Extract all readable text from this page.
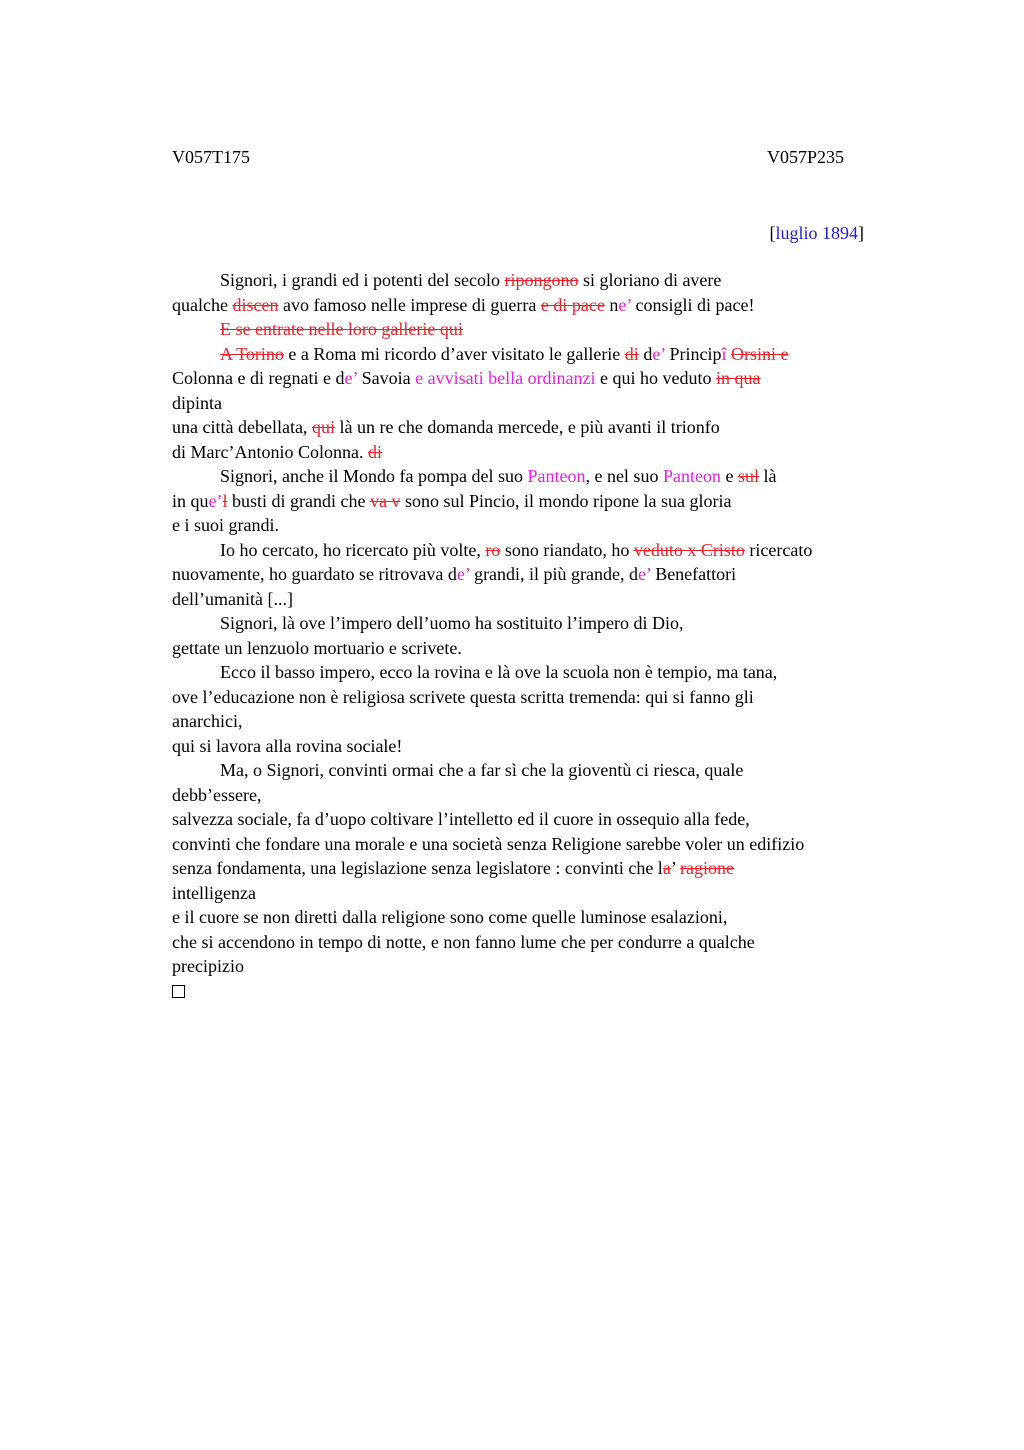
V057T175	V057P235
[luglio 1894]
Signori, i grandi ed i potenti del secolo ripongono si gloriano di avere
qualche discen avo famoso nelle imprese di guerra e di pace ne’ consigli di pace!
E se entrate nelle loro gallerie qui
A Torino e a Roma mi ricordo d’aver visitato le gallerie di de’ Principî Orsini e
Colonna e di regnati e de’ Savoia e avvisati bella ordinanzi e qui ho veduto in qua
dipinta
una città debellata, qui là un re che domanda mercede, e più avanti il trionfo
di Marc’Antonio Colonna. di
Signori, anche il Mondo fa pompa del suo Panteon, e nel suo Panteon e sul là
in que’l busti di grandi che va v sono sul Pincio, il mondo ripone la sua gloria
e i suoi grandi.
Io ho cercato, ho ricercato più volte, ro sono riandato, ho veduto x Cristo ricercato
nuovamente, ho guardato se ritrovava de’ grandi, il più grande, de’ Benefattori
dell’umanità [...]
Signori, là ove l’impero dell’uomo ha sostituito l’impero di Dio,
gettate un lenzuolo mortuario e scrivete.
Ecco il basso impero, ecco la rovina e là ove la scuola non è tempio, ma tana,
ove l’educazione non è religiosa scrivete questa scritta tremenda: qui si fanno gli
anarchici,
qui si lavora alla rovina sociale!
Ma, o Signori, convinti ormai che a far sì che la gioventù ci riesca, quale
debb’essere,
salvezza sociale, fa d’uopo coltivare l’intelletto ed il cuore in ossequio alla fede,
convinti che fondare una morale e una società senza Religione sarebbe voler un edifizio
senza fondamenta, una legislazione senza legislatore : convinti che la’ ragione
intelligenza
e il cuore se non diretti dalla religione sono come quelle luminose esalazioni,
che si accendono in tempo di notte, e non fanno lume che per condurre a qualche
precipizio
